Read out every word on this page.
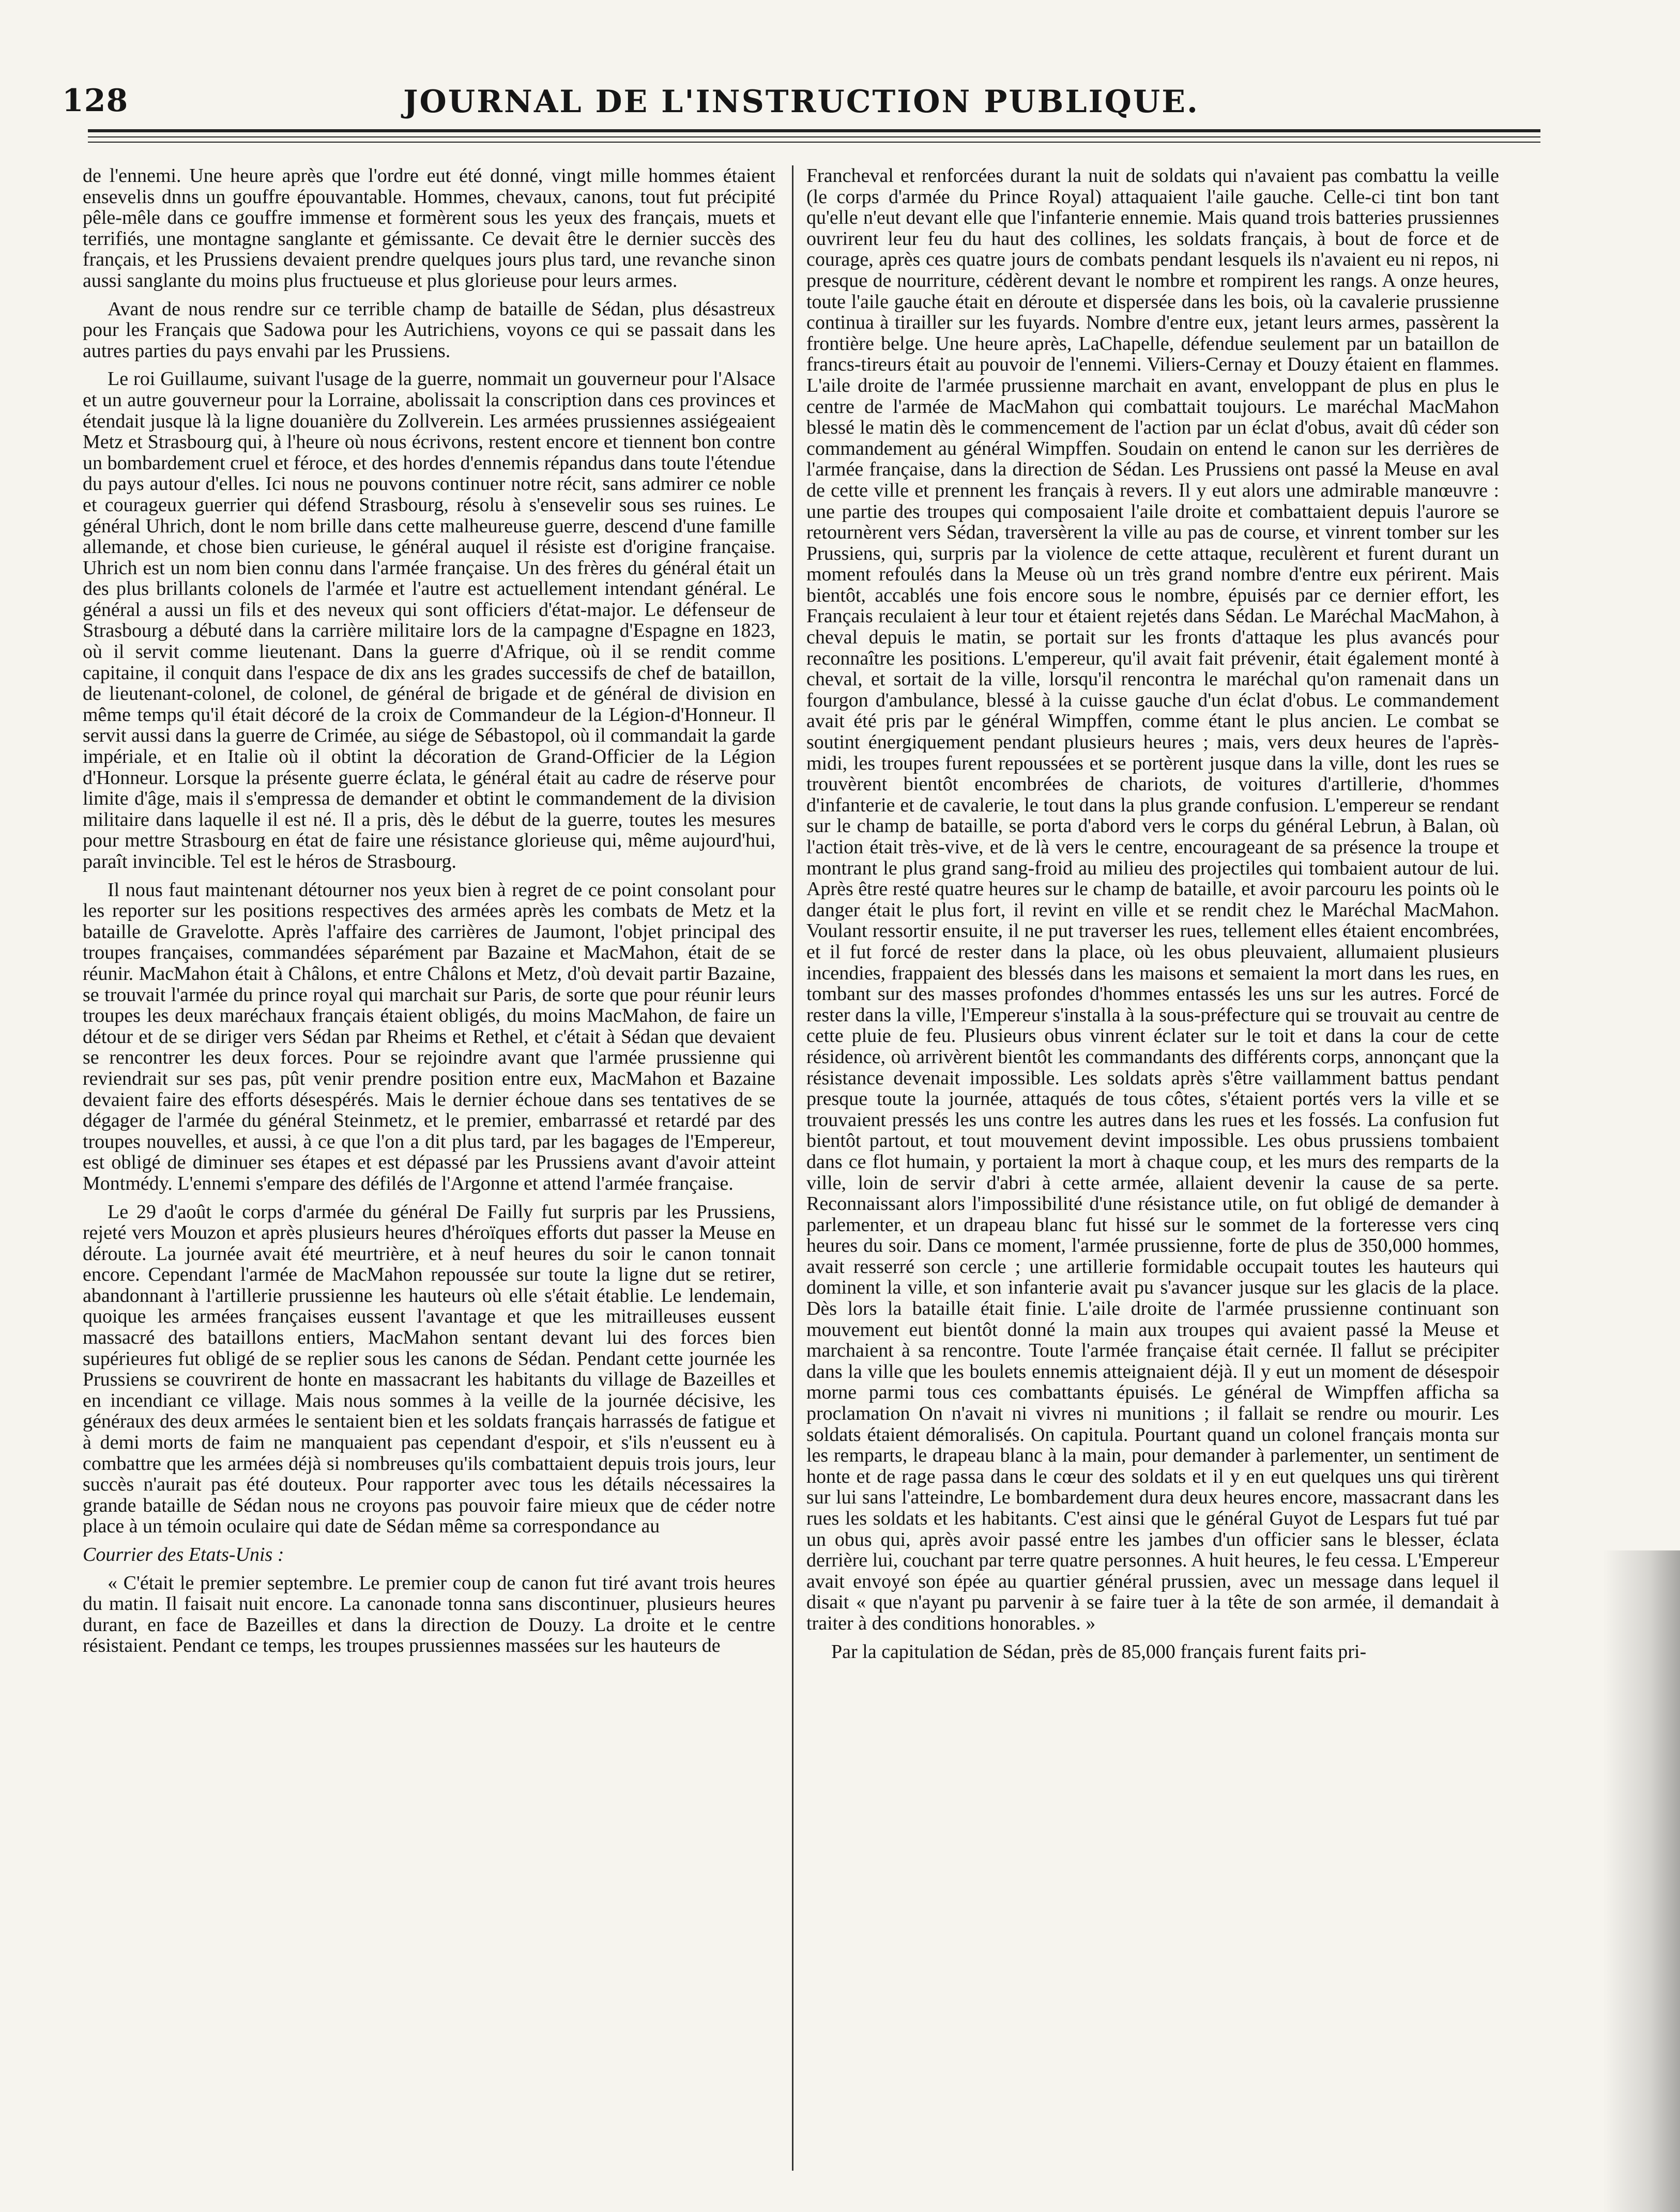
128	JOURNAL DE L'INSTRUCTION PUBLIQUE.

de l'ennemi. Une heure après que l'ordre eut été donné, vingt mille hommes étaient ensevelis dnns un gouffre épouvantable. Hommes, chevaux, canons, tout fut précipité pêle-mêle dans ce gouffre immense et formèrent sous les yeux des français, muets et terrifiés, une montagne sanglante et gémissante. Ce devait être le dernier succès des français, et les Prussiens devaient prendre quelques jours plus tard, une revanche sinon aussi sanglante du moins plus fructueuse et plus glorieuse pour leurs armes.

Avant de nous rendre sur ce terrible champ de bataille de Sédan, plus désastreux pour les Français que Sadowa pour les Autrichiens, voyons ce qui se passait dans les autres parties du pays envahi par les Prussiens.

Le roi Guillaume, suivant l'usage de la guerre, nommait un gouverneur pour l'Alsace et un autre gouverneur pour la Lorraine, abolissait la conscription dans ces provinces et étendait jusque là la ligne douanière du Zollverein. Les armées prussiennes assiégeaient Metz et Strasbourg qui, à l'heure où nous écrivons, restent encore et tiennent bon contre un bombardement cruel et féroce, et des hordes d'ennemis répandus dans toute l'étendue du pays autour d'elles. Ici nous ne pouvons continuer notre récit, sans admirer ce noble et courageux guerrier qui défend Strasbourg, résolu à s'ensevelir sous ses ruines. Le général Uhrich, dont le nom brille dans cette malheureuse guerre, descend d'une famille allemande, et chose bien curieuse, le général auquel il résiste est d'origine française. Uhrich est un nom bien connu dans l'armée française. Un des frères du général était un des plus brillants colonels de l'armée et l'autre est actuellement intendant général. Le général a aussi un fils et des neveux qui sont officiers d'état-major. Le défenseur de Strasbourg a débuté dans la carrière militaire lors de la campagne d'Espagne en 1823, où il servit comme lieutenant. Dans la guerre d'Afrique, où il se rendit comme capitaine, il conquit dans l'espace de dix ans les grades successifs de chef de bataillon, de lieutenant-colonel, de colonel, de général de brigade et de général de division en même temps qu'il était décoré de la croix de Commandeur de la Légion-d'Honneur. Il servit aussi dans la guerre de Crimée, au siége de Sébastopol, où il commandait la garde impériale, et en Italie où il obtint la décoration de Grand-Officier de la Légion d'Honneur. Lorsque la présente guerre éclata, le général était au cadre de réserve pour limite d'âge, mais il s'empressa de demander et obtint le commandement de la division militaire dans laquelle il est né. Il a pris, dès le début de la guerre, toutes les mesures pour mettre Strasbourg en état de faire une résistance glorieuse qui, même aujourd'hui, paraît invincible. Tel est le héros de Strasbourg.

Il nous faut maintenant détourner nos yeux bien à regret de ce point consolant pour les reporter sur les positions respectives des armées après les combats de Metz et la bataille de Gravelotte. Après l'affaire des carrières de Jaumont, l'objet principal des troupes françaises, commandées séparément par Bazaine et MacMahon, était de se réunir. MacMahon était à Châlons, et entre Châlons et Metz, d'où devait partir Bazaine, se trouvait l'armée du prince royal qui marchait sur Paris, de sorte que pour réunir leurs troupes les deux maréchaux français étaient obligés, du moins MacMahon, de faire un détour et de se diriger vers Sédan par Rheims et Rethel, et c'était à Sédan que devaient se rencontrer les deux forces. Pour se rejoindre avant que l'armée prussienne qui reviendrait sur ses pas, pût venir prendre position entre eux, MacMahon et Bazaine devaient faire des efforts désespérés. Mais le dernier échoue dans ses tentatives de se dégager de l'armée du général Steinmetz, et le premier, embarrassé et retardé par des troupes nouvelles, et aussi, à ce que l'on a dit plus tard, par les bagages de l'Empereur, est obligé de diminuer ses étapes et est dépassé par les Prussiens avant d'avoir atteint Montmédy. L'ennemi s'empare des défilés de l'Argonne et attend l'armée française.

Le 29 d'août le corps d'armée du général De Failly fut surpris par les Prussiens, rejeté vers Mouzon et après plusieurs heures d'héroïques efforts dut passer la Meuse en déroute. La journée avait été meurtrière, et à neuf heures du soir le canon tonnait encore. Cependant l'armée de MacMahon repoussée sur toute la ligne dut se retirer, abandonnant à l'artillerie prussienne les hauteurs où elle s'était établie. Le lendemain, quoique les armées françaises eussent l'avantage et que les mitrailleuses eussent massacré des bataillons entiers, MacMahon sentant devant lui des forces bien supérieures fut obligé de se replier sous les canons de Sédan. Pendant cette journée les Prussiens se couvrirent de honte en massacrant les habitants du village de Bazeilles et en incendiant ce village. Mais nous sommes à la veille de la journée décisive, les généraux des deux armées le sentaient bien et les soldats français harrassés de fatigue et à demi morts de faim ne manquaient pas cependant d'espoir, et s'ils n'eussent eu à combattre que les armées déjà si nombreuses qu'ils combattaient depuis trois jours, leur succès n'aurait pas été douteux. Pour rapporter avec tous les détails nécessaires la grande bataille de Sédan nous ne croyons pas pouvoir faire mieux que de céder notre place à un témoin oculaire qui date de Sédan même sa correspondance au

Courrier des Etats-Unis :

« C'était le premier septembre. Le premier coup de canon fut tiré avant trois heures du matin. Il faisait nuit encore. La canonade tonna sans discontinuer, plusieurs heures durant, en face de Bazeilles et dans la direction de Douzy. La droite et le centre résistaient. Pendant ce temps, les troupes prussiennes massées sur les hauteurs de

Francheval et renforcées durant la nuit de soldats qui n'avaient pas combattu la veille (le corps d'armée du Prince Royal) attaquaient l'aile gauche. Celle-ci tint bon tant qu'elle n'eut devant elle que l'infanterie ennemie. Mais quand trois batteries prussiennes ouvrirent leur feu du haut des collines, les soldats français, à bout de force et de courage, après ces quatre jours de combats pendant lesquels ils n'avaient eu ni repos, ni presque de nourriture, cédèrent devant le nombre et rompirent les rangs. A onze heures, toute l'aile gauche était en déroute et dispersée dans les bois, où la cavalerie prussienne continua à tirailler sur les fuyards. Nombre d'entre eux, jetant leurs armes, passèrent la frontière belge. Une heure après, LaChapelle, défendue seulement par un bataillon de francs-tireurs était au pouvoir de l'ennemi. Viliers-Cernay et Douzy étaient en flammes. L'aile droite de l'armée prussienne marchait en avant, enveloppant de plus en plus le centre de l'armée de MacMahon qui combattait toujours. Le maréchal MacMahon blessé le matin dès le commencement de l'action par un éclat d'obus, avait dû céder son commandement au général Wimpffen. Soudain on entend le canon sur les derrières de l'armée française, dans la direction de Sédan. Les Prussiens ont passé la Meuse en aval de cette ville et prennent les français à revers. Il y eut alors une admirable manœuvre : une partie des troupes qui composaient l'aile droite et combattaient depuis l'aurore se retournèrent vers Sédan, traversèrent la ville au pas de course, et vinrent tomber sur les Prussiens, qui, surpris par la violence de cette attaque, reculèrent et furent durant un moment refoulés dans la Meuse où un très grand nombre d'entre eux périrent. Mais bientôt, accablés une fois encore sous le nombre, épuisés par ce dernier effort, les Français reculaient à leur tour et étaient rejetés dans Sédan. Le Maréchal MacMahon, à cheval depuis le matin, se portait sur les fronts d'attaque les plus avancés pour reconnaître les positions. L'empereur, qu'il avait fait prévenir, était également monté à cheval, et sortait de la ville, lorsqu'il rencontra le maréchal qu'on ramenait dans un fourgon d'ambulance, blessé à la cuisse gauche d'un éclat d'obus. Le commandement avait été pris par le général Wimpffen, comme étant le plus ancien. Le combat se soutint énergiquement pendant plusieurs heures ; mais, vers deux heures de l'après-midi, les troupes furent repoussées et se portèrent jusque dans la ville, dont les rues se trouvèrent bientôt encombrées de chariots, de voitures d'artillerie, d'hommes d'infanterie et de cavalerie, le tout dans la plus grande confusion. L'empereur se rendant sur le champ de bataille, se porta d'abord vers le corps du général Lebrun, à Balan, où l'action était très-vive, et de là vers le centre, encourageant de sa présence la troupe et montrant le plus grand sang-froid au milieu des projectiles qui tombaient autour de lui. Après être resté quatre heures sur le champ de bataille, et avoir parcouru les points où le danger était le plus fort, il revint en ville et se rendit chez le Maréchal MacMahon. Voulant ressortir ensuite, il ne put traverser les rues, tellement elles étaient encombrées, et il fut forcé de rester dans la place, où les obus pleuvaient, allumaient plusieurs incendies, frappaient des blessés dans les maisons et semaient la mort dans les rues, en tombant sur des masses profondes d'hommes entassés les uns sur les autres. Forcé de rester dans la ville, l'Empereur s'installa à la sous-préfecture qui se trouvait au centre de cette pluie de feu. Plusieurs obus vinrent éclater sur le toit et dans la cour de cette résidence, où arrivèrent bientôt les commandants des différents corps, annonçant que la résistance devenait impossible. Les soldats après s'être vaillamment battus pendant presque toute la journée, attaqués de tous côtes, s'étaient portés vers la ville et se trouvaient pressés les uns contre les autres dans les rues et les fossés. La confusion fut bientôt partout, et tout mouvement devint impossible. Les obus prussiens tombaient dans ce flot humain, y portaient la mort à chaque coup, et les murs des remparts de la ville, loin de servir d'abri à cette armée, allaient devenir la cause de sa perte. Reconnaissant alors l'impossibilité d'une résistance utile, on fut obligé de demander à parlementer, et un drapeau blanc fut hissé sur le sommet de la forteresse vers cinq heures du soir. Dans ce moment, l'armée prussienne, forte de plus de 350,000 hommes, avait resserré son cercle ; une artillerie formidable occupait toutes les hauteurs qui dominent la ville, et son infanterie avait pu s'avancer jusque sur les glacis de la place. Dès lors la bataille était finie. L'aile droite de l'armée prussienne continuant son mouvement eut bientôt donné la main aux troupes qui avaient passé la Meuse et marchaient à sa rencontre. Toute l'armée française était cernée. Il fallut se précipiter dans la ville que les boulets ennemis atteignaient déjà. Il y eut un moment de désespoir morne parmi tous ces combattants épuisés. Le général de Wimpffen afficha sa proclamation On n'avait ni vivres ni munitions ; il fallait se rendre ou mourir. Les soldats étaient démoralisés. On capitula. Pourtant quand un colonel français monta sur les remparts, le drapeau blanc à la main, pour demander à parlementer, un sentiment de honte et de rage passa dans le cœur des soldats et il y en eut quelques uns qui tirèrent sur lui sans l'atteindre, Le bombardement dura deux heures encore, massacrant dans les rues les soldats et les habitants. C'est ainsi que le général Guyot de Lespars fut tué par un obus qui, après avoir passé entre les jambes d'un officier sans le blesser, éclata derrière lui, couchant par terre quatre personnes. A huit heures, le feu cessa. L'Empereur avait envoyé son épée au quartier général prussien, avec un message dans lequel il disait « que n'ayant pu parvenir à se faire tuer à la tête de son armée, il demandait à traiter à des conditions honorables. »

Par la capitulation de Sédan, près de 85,000 français furent faits pri-
